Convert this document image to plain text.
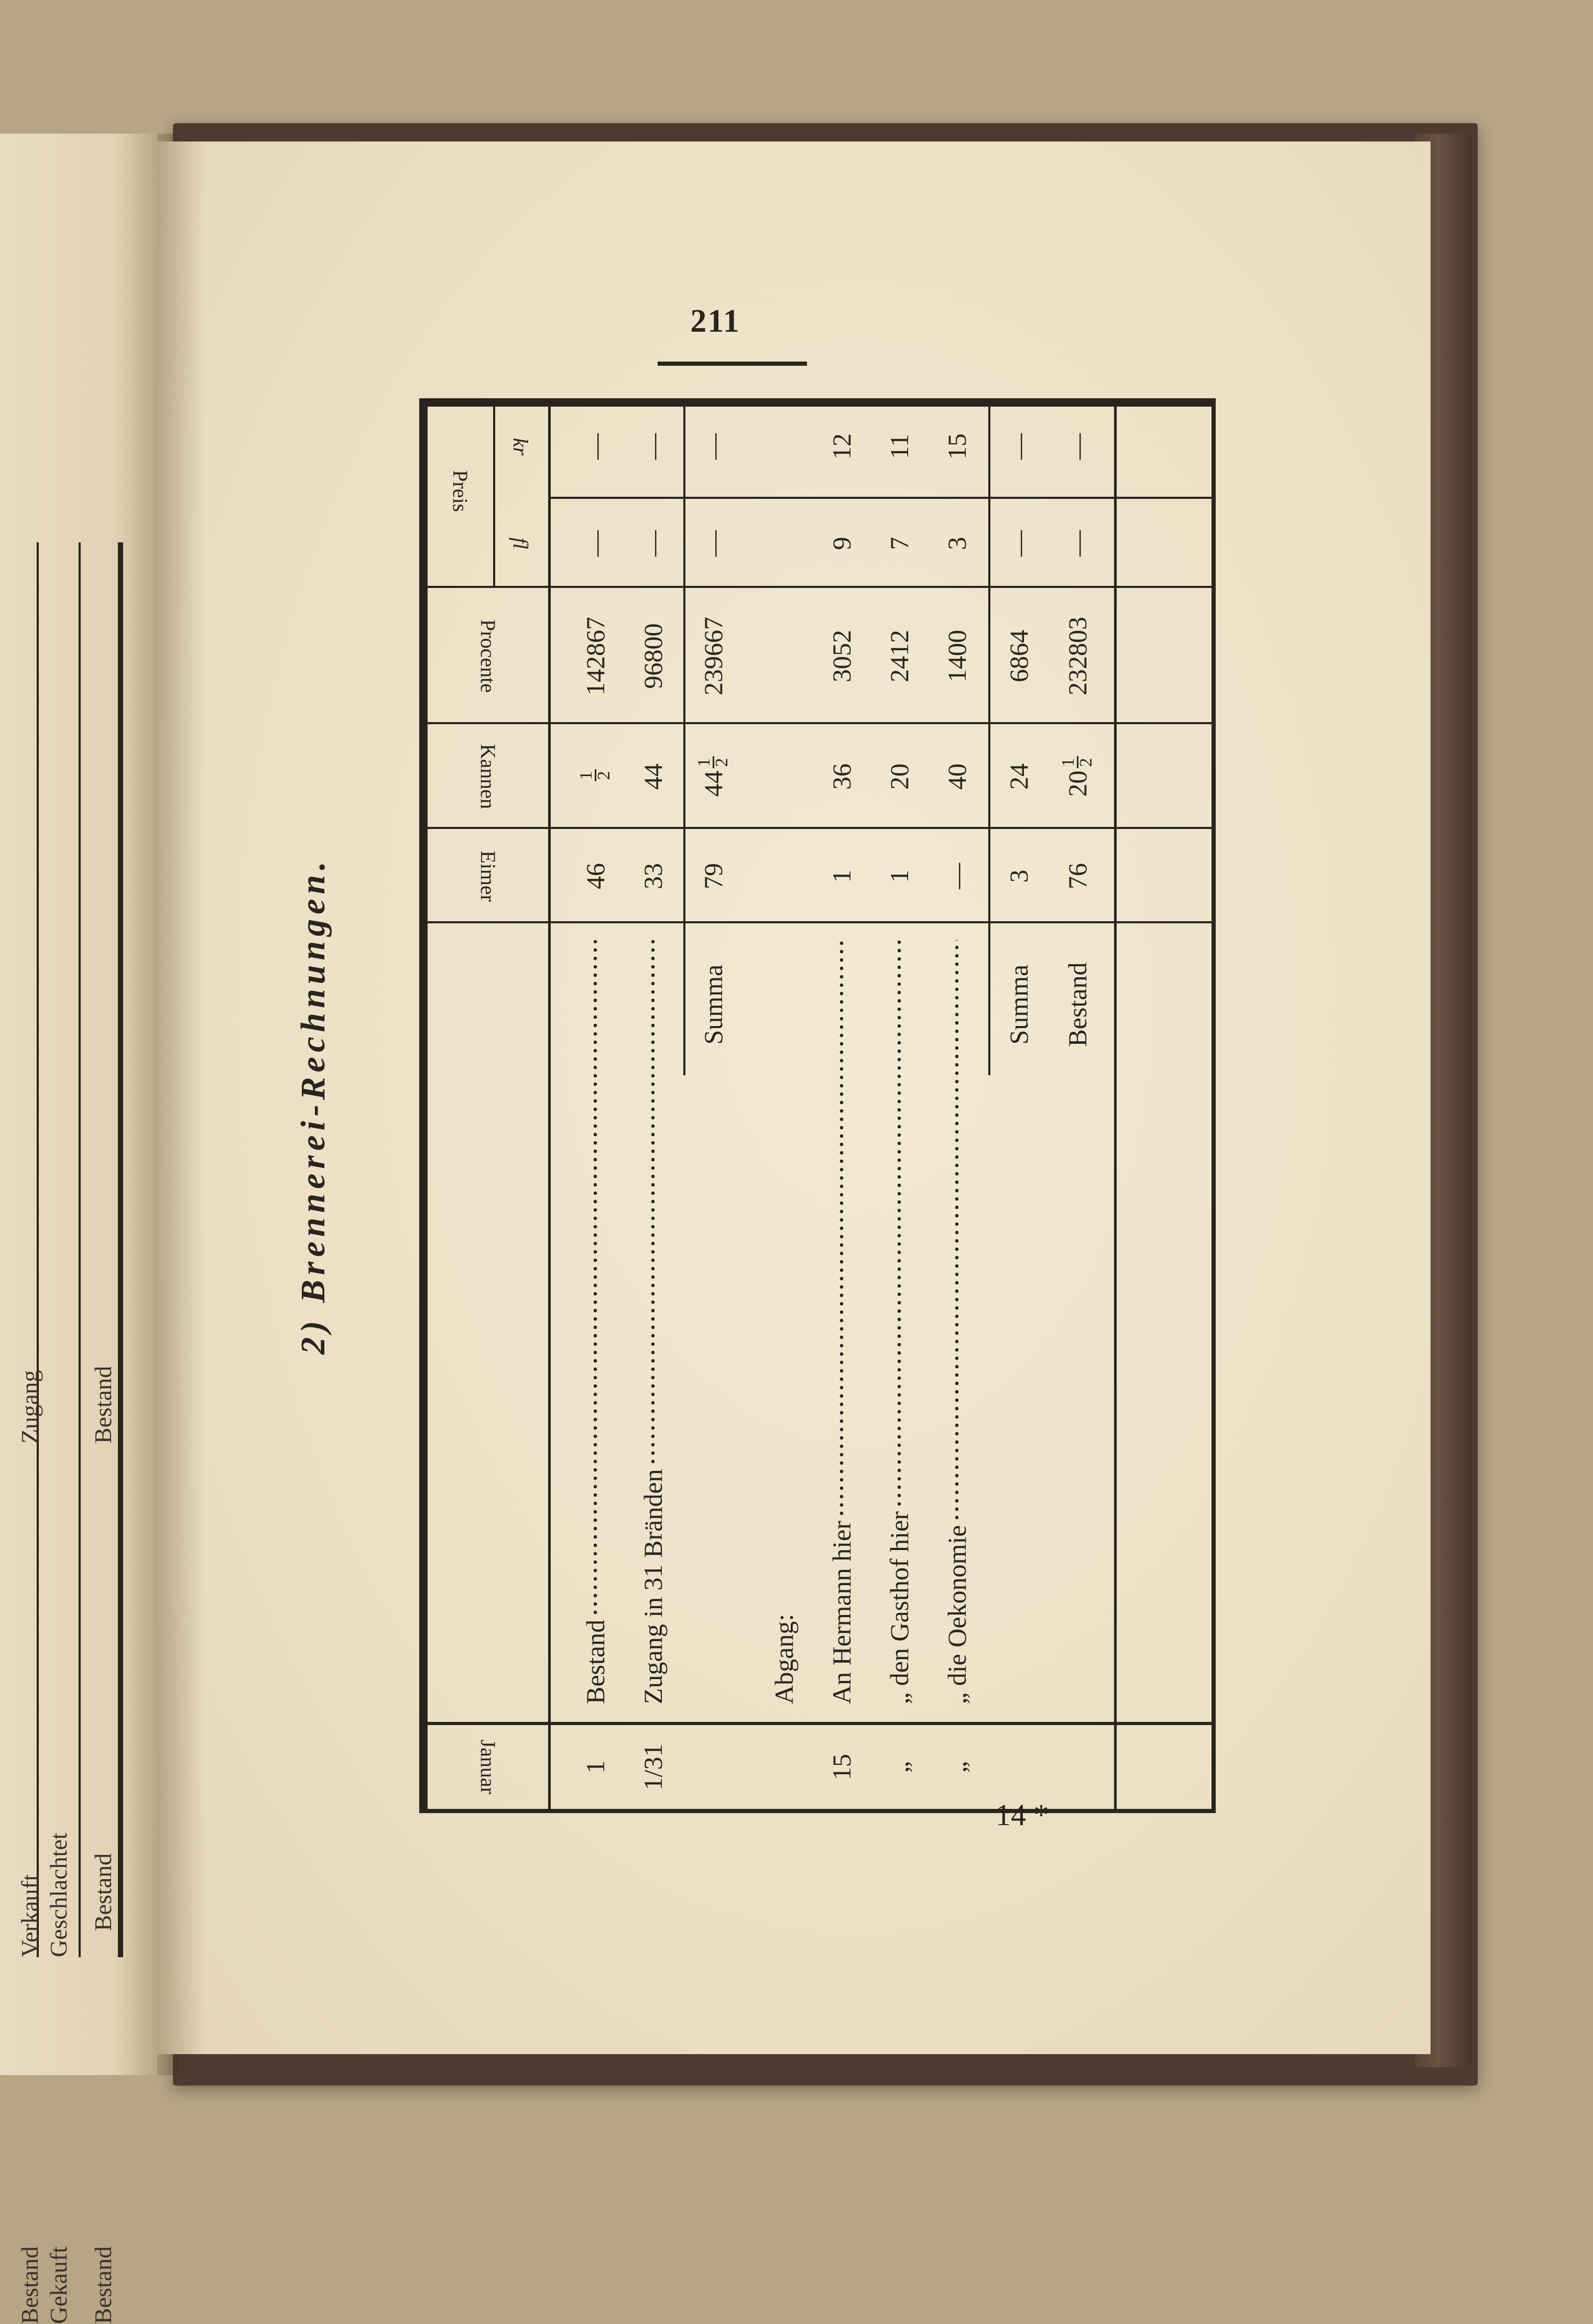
Bestand Gekauft Bestand
Verkauft Geschlachtet Bestand
Zugang Bestand
211
2) Brennerei-Rechnungen.
Januar
Eimer
Kannen
Procente
Preis
fl
kr
1
Bestand
46
1
2
142867
—
—
1/31
Zugang in 31 Bränden
33
44
96800
—
—
Summa
79
44
1
2
239667
—
—
Abgang:
15
An Hermann hier
1
36
3052
9
12
„
„ den Gasthof hier
1
20
2412
7
11
„
„ die Oekonomie
—
40
1400
3
15
Summa
3
24
6864
—
—
Bestand
76
20
1
2
232803
—
—
14 *
